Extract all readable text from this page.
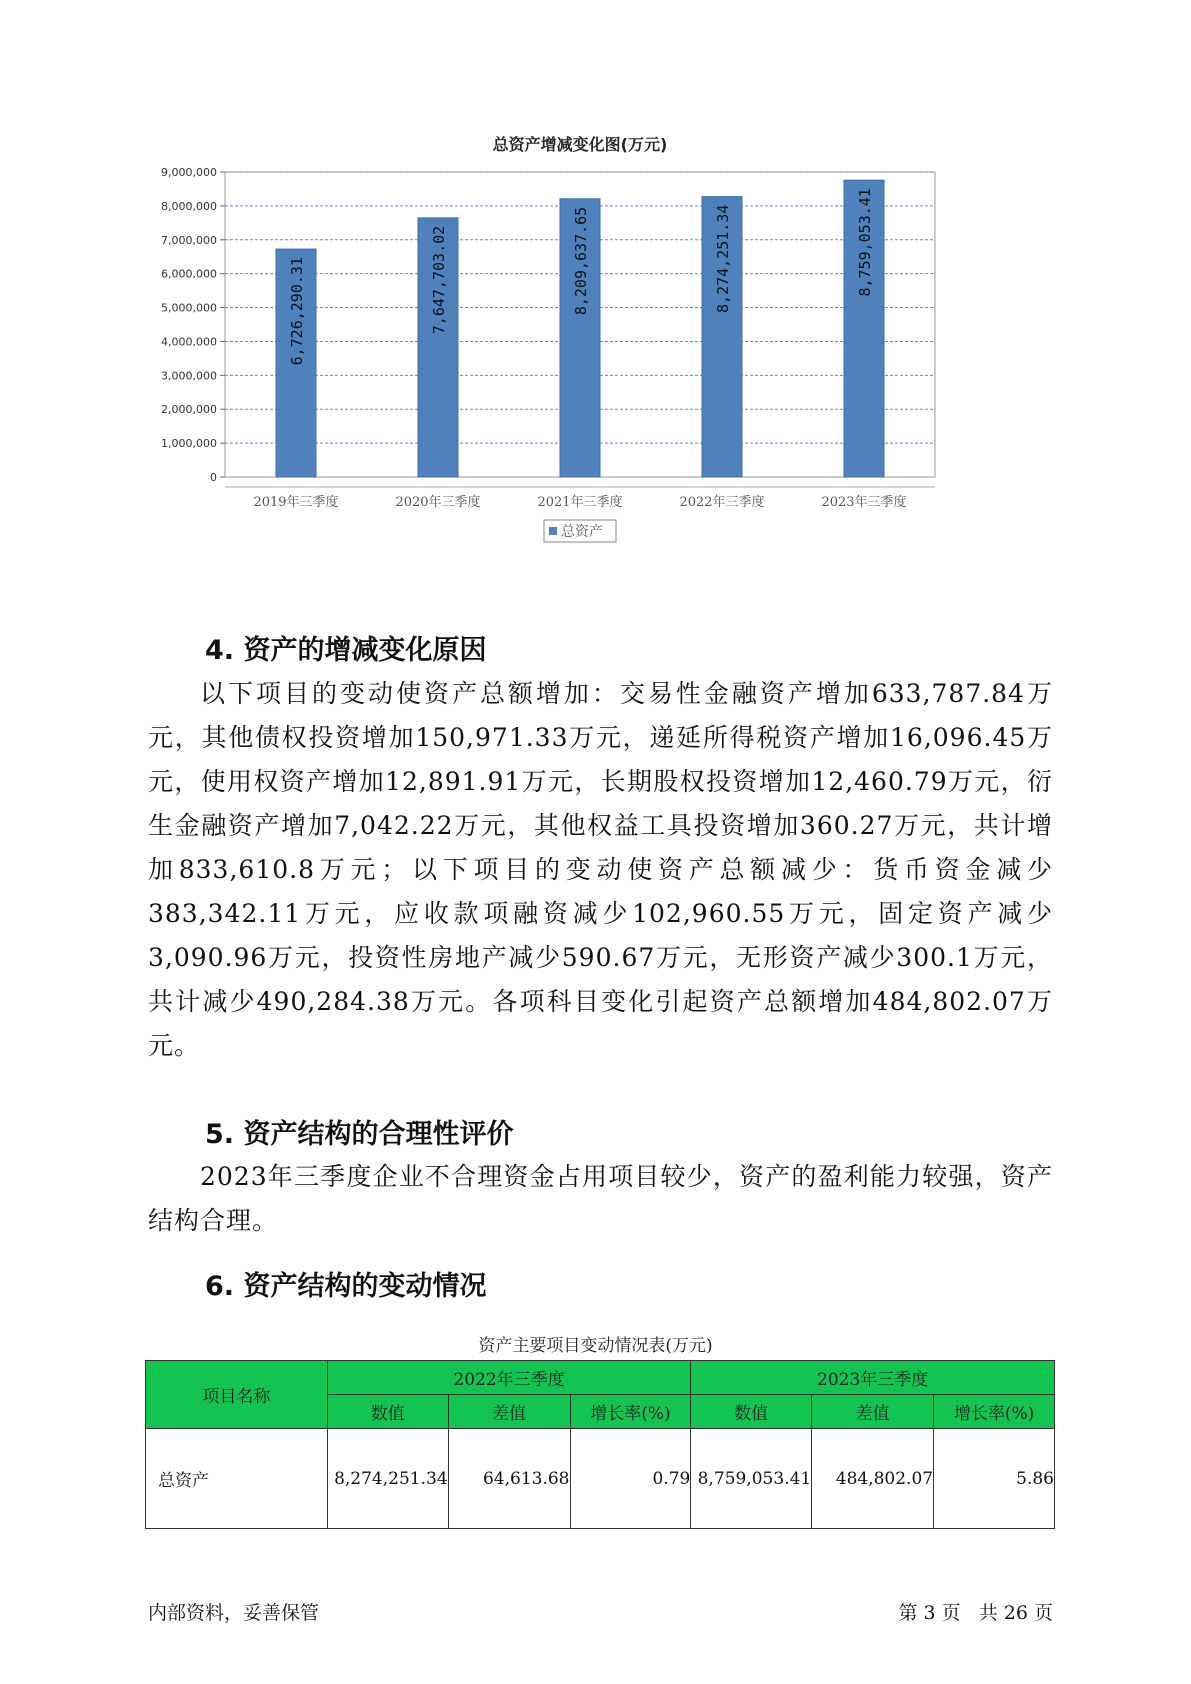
总资产增减变化图(万元)
0
1,000,000
2,000,000
3,000,000
4,000,000
5,000,000
6,000,000
7,000,000
8,000,000
9,000,000
6,726,290.31
2019年三季度
7,647,703.02
2020年三季度
8,209,637.65
2021年三季度
8,274,251.34
2022年三季度
8,759,053.41
2023年三季度
总资产
4. 资产的增减变化原因

以下项目的变动使资产总额增加：交易性金融资产增加633,787.84万元，其他债权投资增加150,971.33万元，递延所得税资产增加16,096.45万元，使用权资产增加12,891.91万元，长期股权投资增加12,460.79万元，衍生金融资产增加7,042.22万元，其他权益工具投资增加360.27万元，共计增加833,610.8万元；以下项目的变动使资产总额减少：货币资金减少383,342.11万元，应收款项融资减少102,960.55万元，固定资产减少3,090.96万元，投资性房地产减少590.67万元，无形资产减少300.1万元，共计减少490,284.38万元。各项科目变化引起资产总额增加484,802.07万元。

5. 资产结构的合理性评价

2023年三季度企业不合理资金占用项目较少，资产的盈利能力较强，资产结构合理。

6. 资产结构的变动情况
资产主要项目变动情况表(万元)
项目名称	2022年三季度			2023年三季度		
	数值	差值	增长率(%)	数值	差值	增长率(%)
总资产	8,274,251.34	64,613.68	0.79	8,759,053.41	484,802.07	5.86
内部资料，妥善保管	第 3 页   共 26 页
